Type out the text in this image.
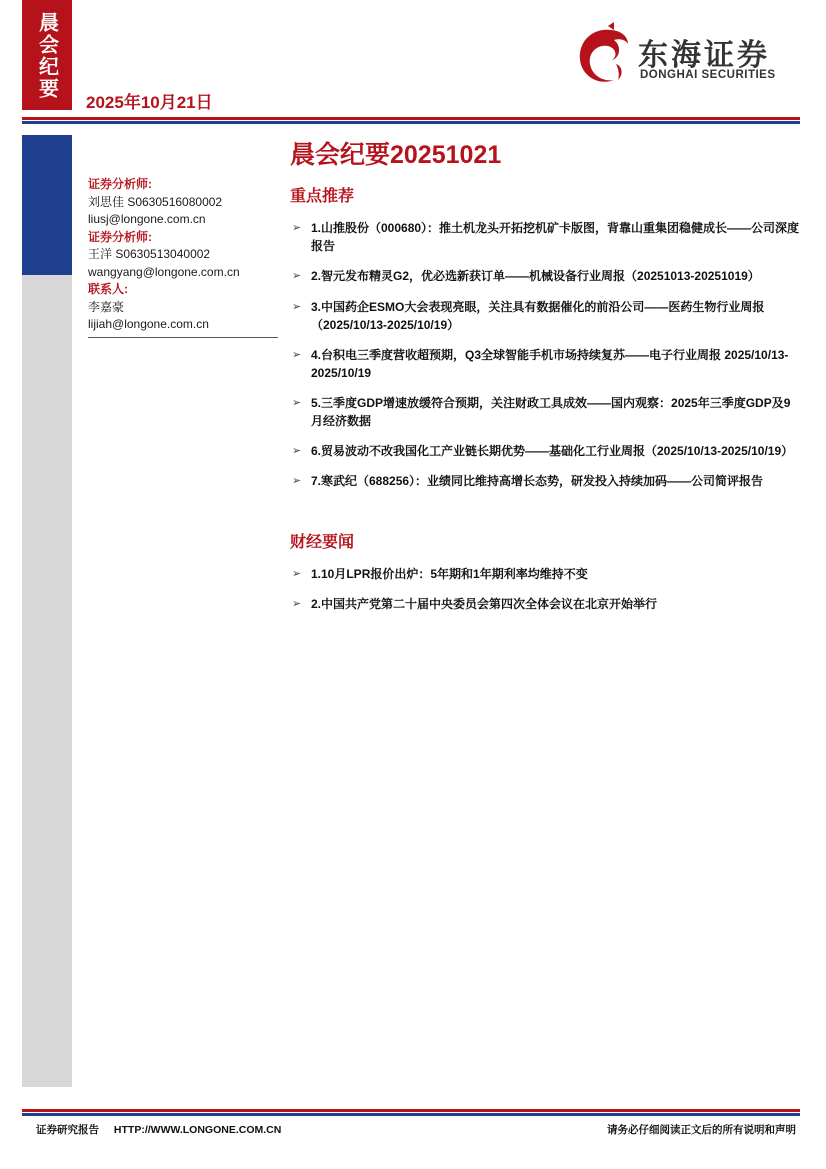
晨会纪要
2025年10月21日
东海证券
DONGHAI SECURITIES
证券分析师:
刘思佳 S0630516080002
liusj@longone.com.cn
证券分析师:
王洋 S0630513040002
wangyang@longone.com.cn
联系人:
李嘉豪
lijiah@longone.com.cn
晨会纪要20251021
重点推荐
➢ 1.山推股份（000680）：推土机龙头开拓挖机矿卡版图，背靠山重集团稳健成长——公司深度报告
➢ 2.智元发布精灵G2，优必选新获订单——机械设备行业周报（20251013-20251019）
➢ 3.中国药企ESMO大会表现亮眼，关注具有数据催化的前沿公司——医药生物行业周报（2025/10/13-2025/10/19）
➢ 4.台积电三季度营收超预期，Q3全球智能手机市场持续复苏——电子行业周报 2025/10/13-2025/10/19
➢ 5.三季度GDP增速放缓符合预期，关注财政工具成效——国内观察：2025年三季度GDP及9月经济数据
➢ 6.贸易波动不改我国化工产业链长期优势——基础化工行业周报（2025/10/13-2025/10/19）
➢ 7.寒武纪（688256）：业绩同比维持高增长态势，研发投入持续加码——公司简评报告
财经要闻
➢ 1.10月LPR报价出炉：5年期和1年期利率均维持不变
➢ 2.中国共产党第二十届中央委员会第四次全体会议在北京开始举行
证券研究报告 HTTP://WWW.LONGONE.COM.CN	请务必仔细阅读正文后的所有说明和声明
